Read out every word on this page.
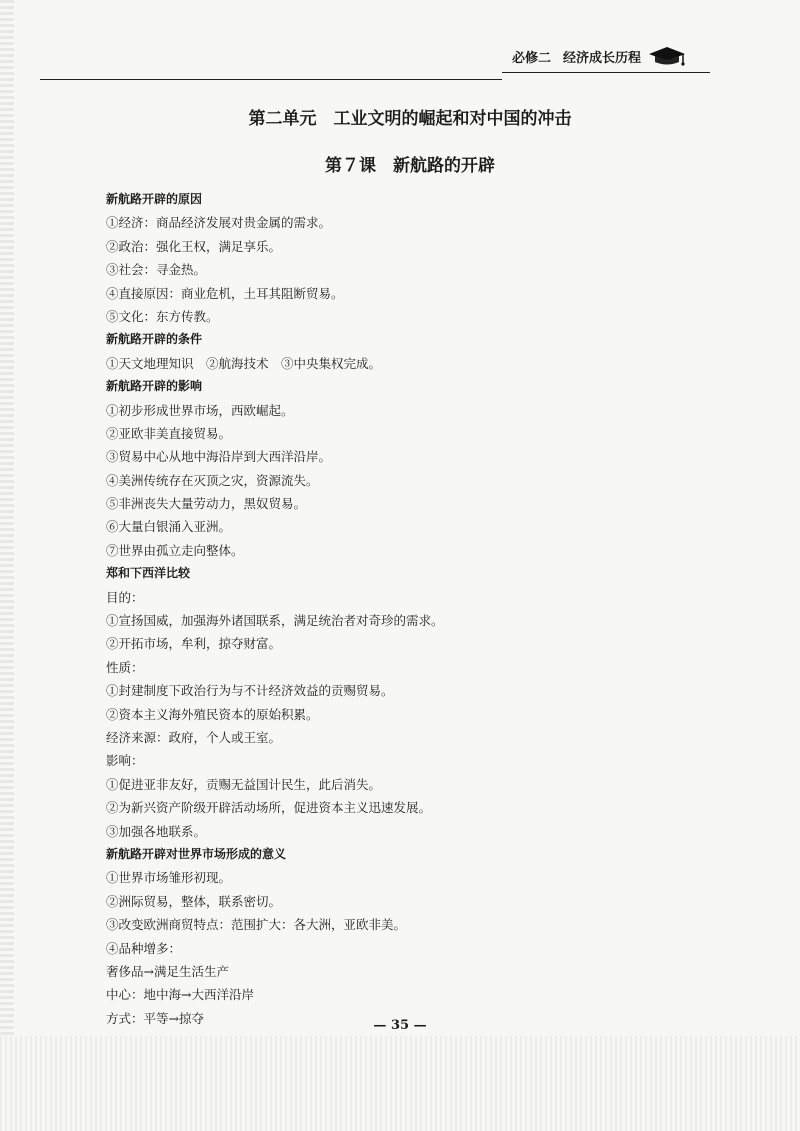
必修二 经济成长历程
第二单元　工业文明的崛起和对中国的冲击
第７课　新航路的开辟
新航路开辟的原因
①经济：商品经济发展对贵金属的需求。
②政治：强化王权，满足享乐。
③社会：寻金热。
④直接原因：商业危机，土耳其阻断贸易。
⑤文化：东方传教。
新航路开辟的条件
①天文地理知识　②航海技术　③中央集权完成。
新航路开辟的影响
①初步形成世界市场，西欧崛起。
②亚欧非美直接贸易。
③贸易中心从地中海沿岸到大西洋沿岸。
④美洲传统存在灭顶之灾，资源流失。
⑤非洲丧失大量劳动力，黑奴贸易。
⑥大量白银涌入亚洲。
⑦世界由孤立走向整体。
郑和下西洋比较
目的：
①宣扬国威，加强海外诸国联系，满足统治者对奇珍的需求。
②开拓市场，牟利，掠夺财富。
性质：
①封建制度下政治行为与不计经济效益的贡赐贸易。
②资本主义海外殖民资本的原始积累。
经济来源：政府，个人或王室。
影响：
①促进亚非友好，贡赐无益国计民生，此后消失。
②为新兴资产阶级开辟活动场所，促进资本主义迅速发展。
③加强各地联系。
新航路开辟对世界市场形成的意义
①世界市场雏形初现。
②洲际贸易，整体，联系密切。
③改变欧洲商贸特点：范围扩大：各大洲，亚欧非美。
④品种增多：
奢侈品→满足生活生产
中心：地中海→大西洋沿岸
方式：平等→掠夺	— 35 —
